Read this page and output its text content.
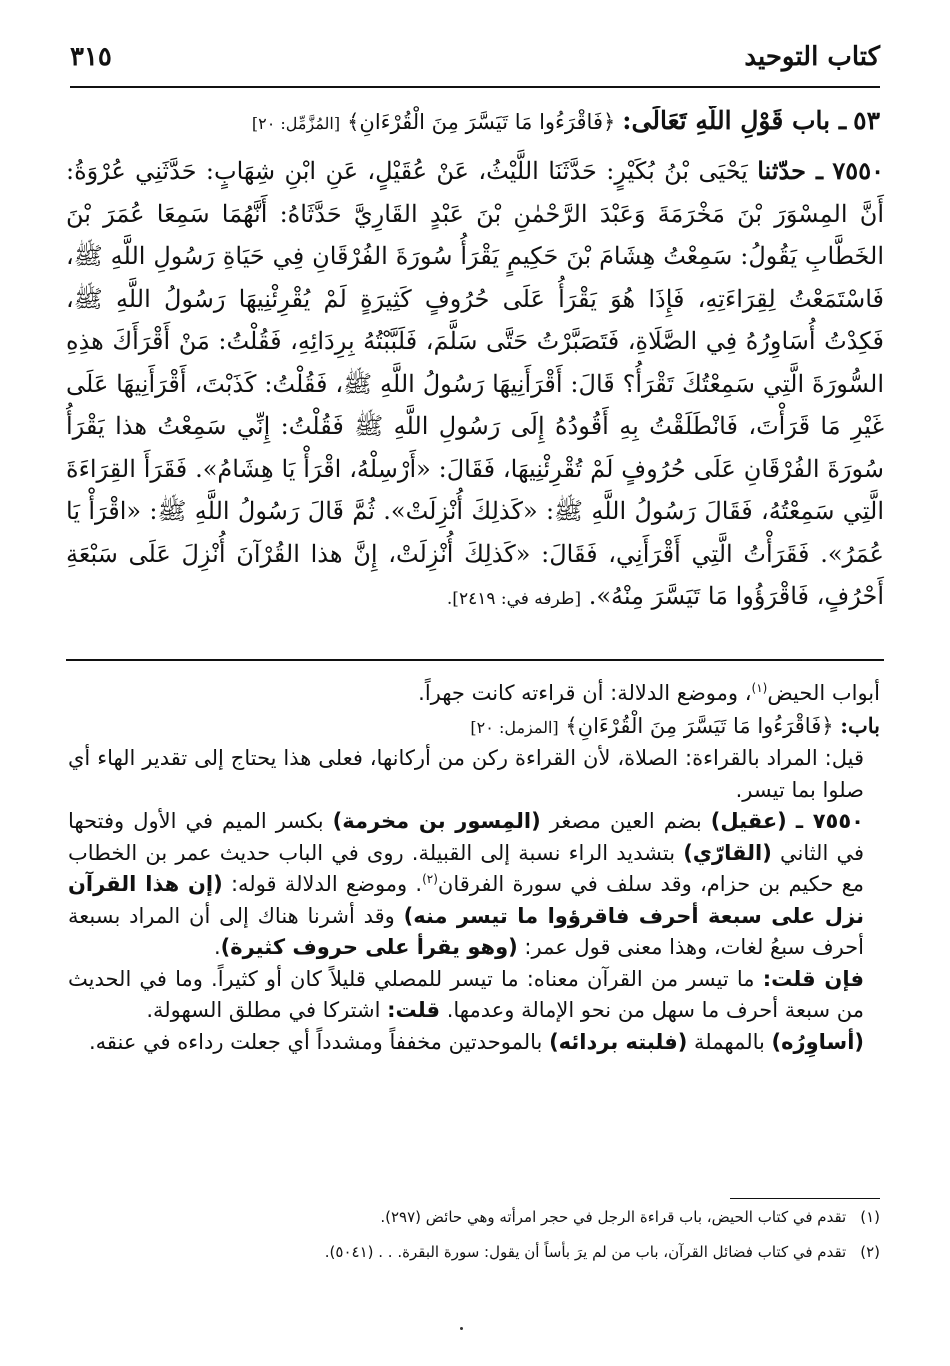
كتاب التوحيد
٣١٥
٥٣ ـ باب قَوْلِ اللَّهِ تَعَالَى: ﴿فَاقْرَءُوا مَا تَيَسَّرَ مِنَ الْقُرْءَانِ﴾ [المُزَّمِّل: ٢٠]
٧٥٥٠ ـ حدّثنا يَحْيَى بْنُ بُكَيْرٍ: حَدَّثَنَا اللَّيْثُ، عَنْ عُقَيْلٍ، عَنِ ابْنِ شِهَابٍ: حَدَّثَنِي عُرْوَةُ: أَنَّ المِسْوَرَ بْنَ مَخْرَمَةَ وَعَبْدَ الرَّحْمٰنِ بْنَ عَبْدٍ القَارِيَّ حَدَّثَاهُ: أَنَّهُمَا سَمِعَا عُمَرَ بْنَ الخَطَّابِ يَقُولُ: سَمِعْتُ هِشَامَ بْنَ حَكِيمٍ يَقْرَأُ سُورَةَ الفُرْقَانِ فِي حَيَاةِ رَسُولِ اللَّهِ ﷺ، فَاسْتَمَعْتُ لِقِرَاءَتِهِ، فَإِذَا هُوَ يَقْرَأُ عَلَى حُرُوفٍ كَثِيرَةٍ لَمْ يُقْرِئْنِيهَا رَسُولُ اللَّهِ ﷺ، فَكِدْتُ أُسَاوِرُهُ فِي الصَّلَاةِ، فَتَصَبَّرْتُ حَتَّى سَلَّمَ، فَلَبَّبْتُهُ بِرِدَائِهِ، فَقُلْتُ: مَنْ أَقْرَأَكَ هذِهِ السُّورَةَ الَّتِي سَمِعْتُكَ تَقْرَأُ؟ قَالَ: أَقْرَأَنِيهَا رَسُولُ اللَّهِ ﷺ، فَقُلْتُ: كَذَبْتَ، أَقْرَأَنِيهَا عَلَى غَيْرِ مَا قَرَأْتَ، فَانْطَلَقْتُ بِهِ أَقُودُهُ إِلَى رَسُولِ اللَّهِ ﷺ فَقُلْتُ: إِنِّي سَمِعْتُ هذا يَقْرَأُ سُورَةَ الفُرْقَانِ عَلَى حُرُوفٍ لَمْ تُقْرِئْنِيهَا، فَقَالَ: «أَرْسِلْهُ، اقْرَأْ يَا هِشَامُ». فَقَرَأَ القِرَاءَةَ الَّتِي سَمِعْتُهُ، فَقَالَ رَسُولُ اللَّهِ ﷺ: «كَذلِكَ أُنْزِلَتْ». ثُمَّ قَالَ رَسُولُ اللَّهِ ﷺ: «اقْرَأْ يَا عُمَرُ». فَقَرَأْتُ الَّتِي أَقْرَأَنِي، فَقَالَ: «كَذلِكَ أُنْزِلَتْ، إِنَّ هذا القُرْآنَ أُنْزِلَ عَلَى سَبْعَةِ أَحْرُفٍ، فَاقْرَؤُوا مَا تَيَسَّرَ مِنْهُ». [طرفه في: ٢٤١٩].

أبواب الحيض$^{(١)}$، وموضع الدلالة: أن قراءته كانت جهراً.

باب: ﴿فَاقْرَءُوا مَا تَيَسَّرَ مِنَ الْقُرْءَانِ﴾ [المزمل: ٢٠]

قيل: المراد بالقراءة: الصلاة، لأن القراءة ركن من أركانها، فعلى هذا يحتاج إلى تقدير الهاء أي صلوا بما تيسر.

٧٥٥٠ ـ (عقيل) بضم العين مصغر (المِسور بن مخرمة) بكسر الميم في الأول وفتحها في الثاني (القارّي) بتشديد الراء نسبة إلى القبيلة. روى في الباب حديث عمر بن الخطاب مع حكيم بن حزام، وقد سلف في سورة الفرقان$^{(٢)}$. وموضع الدلالة قوله: (إن هذا القرآن نزل على سبعة أحرف فاقرؤوا ما تيسر منه) وقد أشرنا هناك إلى أن المراد بسبعة أحرف سبعُ لغات، وهذا معنى قول عمر: (وهو يقرأ على حروف كثيرة).

فإن قلت: ما تيسر من القرآن معناه: ما تيسر للمصلي قليلاً كان أو كثيراً. وما في الحديث من سبعة أحرف ما سهل من نحو الإمالة وعدمها. قلت: اشتركا في مطلق السهولة.

(أساوِرُه) بالمهملة (فلبته بردائه) بالموحدتين مخففاً ومشدداً أي جعلت رداءه في عنقه.

(١)تقدم في كتاب الحيض، باب قراءة الرجل في حجر امرأته وهي حائض (٢٩٧).
(٢)تقدم في كتاب فضائل القرآن، باب من لم يرَ بأساً أن يقول: سورة البقرة. . . (٥٠٤١).
